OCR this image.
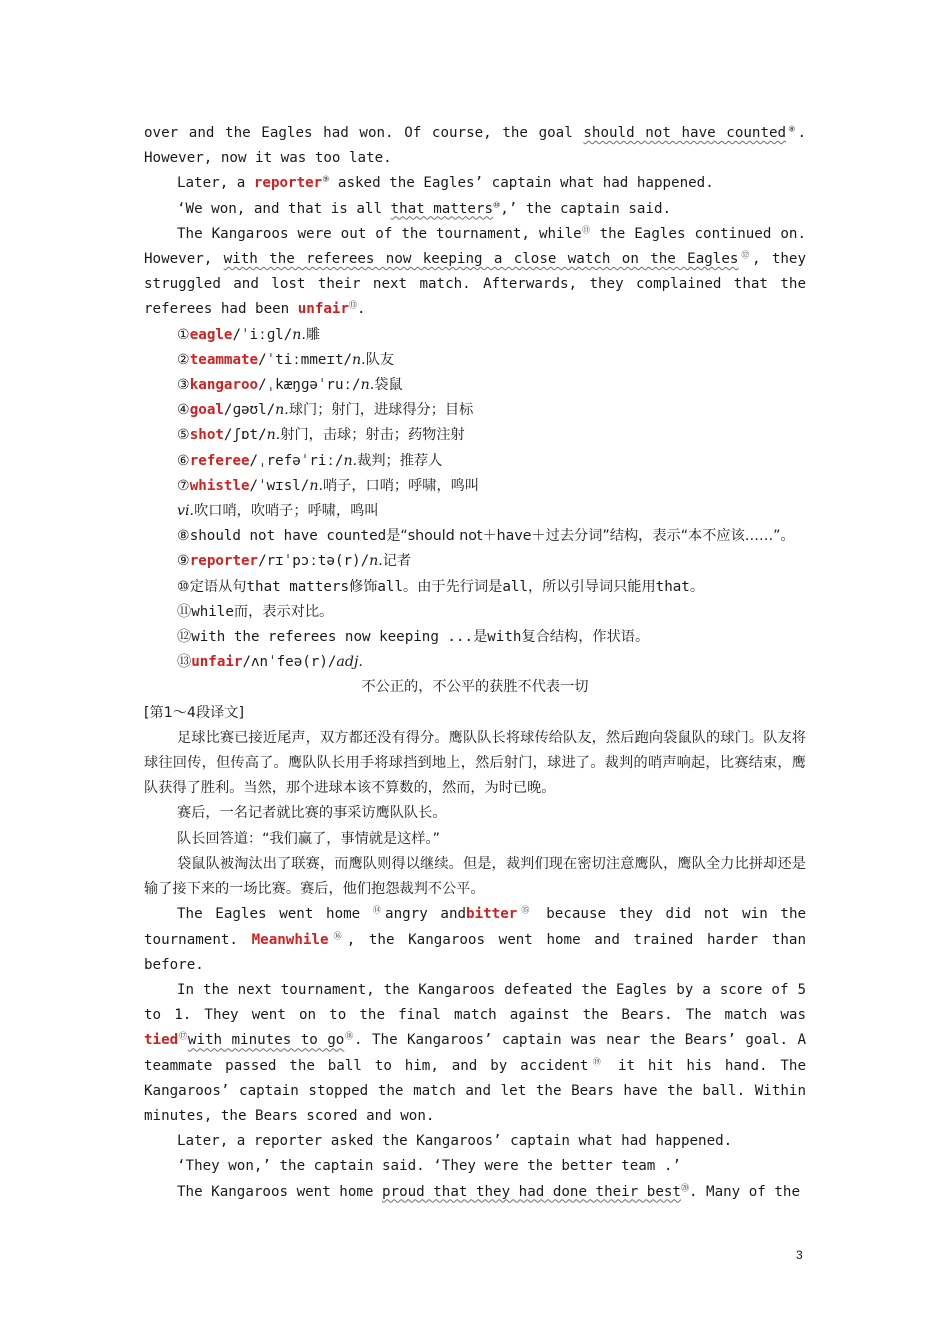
over and the Eagles had won. Of course, the goal should not have counted⑧. However, now it was too late.

Later, a reporter⑨ asked the Eagles’ captain what had happened.

‘We won, and that is all that matters⑩,’ the captain said.

The Kangaroos were out of the tournament, while⑪ the Eagles continued on. However, with the referees now keeping a close watch on the Eagles⑫, they struggled and lost their next match. Afterwards, they complained that the referees had been unfair⑬.

①eagle/ˈiːɡl/n.雕

②teammate/ˈtiːmmeɪt/n.队友

③kangaroo/ˌkæŋɡəˈruː/n.袋鼠

④goal/ɡəʊl/n.球门；射门，进球得分；目标

⑤shot/ʃɒt/n.射门，击球；射击；药物注射

⑥referee/ˌrefəˈriː/n.裁判；推荐人

⑦whistle/ˈwɪsl/n.哨子，口哨；呼啸，鸣叫

vi.吹口哨，吹哨子；呼啸，鸣叫

⑧should not have counted是“should not＋have＋过去分词”结构，表示“本不应该……”。

⑨reporter/rɪˈpɔːtə(r)/n.记者

⑩定语从句that matters修饰all。由于先行词是all，所以引导词只能用that。

⑪while而，表示对比。

⑫with the referees now keeping ...是with复合结构，作状语。

⑬unfair/ʌnˈfeə(r)/adj.

不公正的，不公平的获胜不代表一切

[第1～4段译文]

足球比赛已接近尾声，双方都还没有得分。鹰队队长将球传给队友，然后跑向袋鼠队的球门。队友将球往回传，但传高了。鹰队队长用手将球挡到地上，然后射门，球进了。裁判的哨声响起，比赛结束，鹰队获得了胜利。当然，那个进球本该不算数的，然而，为时已晚。

赛后，一名记者就比赛的事采访鹰队队长。

队长回答道：“我们赢了，事情就是这样。”

袋鼠队被淘汰出了联赛，而鹰队则得以继续。但是，裁判们现在密切注意鹰队，鹰队全力比拼却还是输了接下来的一场比赛。赛后，他们抱怨裁判不公平。

The Eagles went home ⑭angry andbitter⑮ because they did not win the tournament. Meanwhile⑯, the Kangaroos went home and trained harder than before.

In the next tournament, the Kangaroos defeated the Eagles by a score of 5 to 1. They went on to the final match against the Bears. The match was tied⑰with minutes to go⑱. The Kangaroos’ captain was near the Bears’ goal. A teammate passed the ball to him, and by accident⑲ it hit his hand. The Kangaroos’ captain stopped the match and let the Bears have the ball. Within minutes, the Bears scored and won.

Later, a reporter asked the Kangaroos’ captain what had happened.

‘They won,’ the captain said. ‘They were the better team .’

The Kangaroos went home proud that they had done their best⑳. Many of the

3
